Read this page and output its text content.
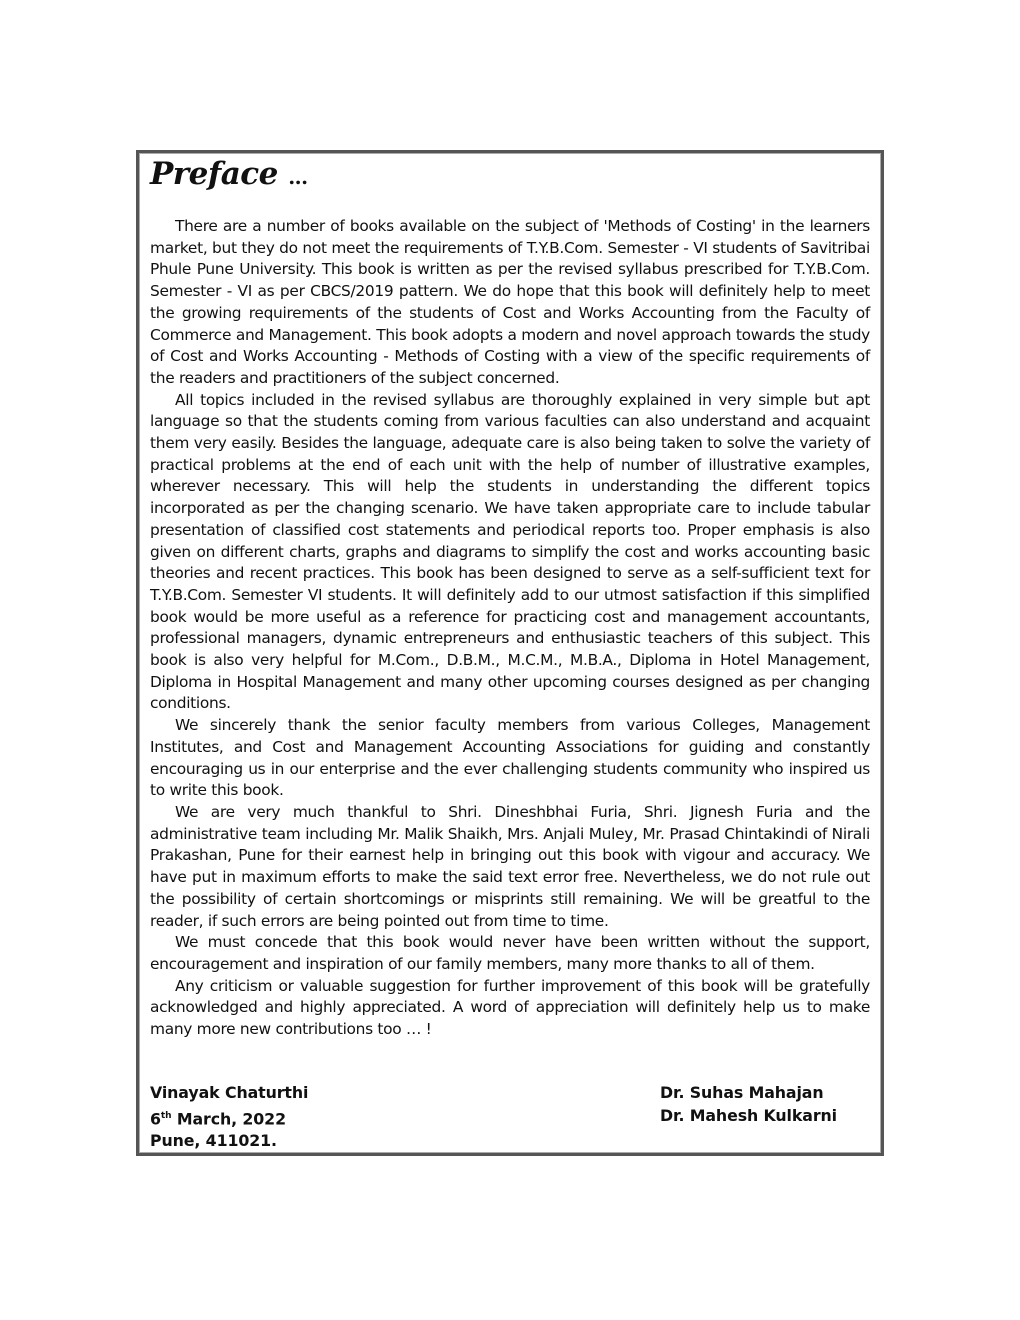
Preface ...

There are a number of books available on the subject of 'Methods of Costing' in the learners market, but they do not meet the requirements of T.Y.B.Com. Semester - VI students of Savitribai Phule Pune University. This book is written as per the revised syllabus prescribed for T.Y.B.Com. Semester - VI as per CBCS/2019 pattern. We do hope that this book will definitely help to meet the growing requirements of the students of Cost and Works Accounting from the Faculty of Commerce and Management. This book adopts a modern and novel approach towards the study of Cost and Works Accounting - Methods of Costing with a view of the specific requirements of the readers and practitioners of the subject concerned.

All topics included in the revised syllabus are thoroughly explained in very simple but apt language so that the students coming from various faculties can also understand and acquaint them very easily. Besides the language, adequate care is also being taken to solve the variety of practical problems at the end of each unit with the help of number of illustrative examples, wherever necessary. This will help the students in understanding the different topics incorporated as per the changing scenario. We have taken appropriate care to include tabular presentation of classified cost statements and periodical reports too. Proper emphasis is also given on different charts, graphs and diagrams to simplify the cost and works accounting basic theories and recent practices. This book has been designed to serve as a self-sufficient text for T.Y.B.Com. Semester VI students. It will definitely add to our utmost satisfaction if this simplified book would be more useful as a reference for practicing cost and management accountants, professional managers, dynamic entrepreneurs and enthusiastic teachers of this subject. This book is also very helpful for M.Com., D.B.M., M.C.M., M.B.A., Diploma in Hotel Management, Diploma in Hospital Management and many other upcoming courses designed as per changing conditions.

We sincerely thank the senior faculty members from various Colleges, Management Institutes, and Cost and Management Accounting Associations for guiding and constantly encouraging us in our enterprise and the ever challenging students community who inspired us to write this book.

We are very much thankful to Shri. Dineshbhai Furia, Shri. Jignesh Furia and the administrative team including Mr. Malik Shaikh, Mrs. Anjali Muley, Mr. Prasad Chintakindi of Nirali Prakashan, Pune for their earnest help in bringing out this book with vigour and accuracy. We have put in maximum efforts to make the said text error free. Nevertheless, we do not rule out the possibility of certain shortcomings or misprints still remaining. We will be greatful to the reader, if such errors are being pointed out from time to time.

We must concede that this book would never have been written without the support, encouragement and inspiration of our family members, many more thanks to all of them.

Any criticism or valuable suggestion for further improvement of this book will be gratefully acknowledged and highly appreciated. A word of appreciation will definitely help us to make many more new contributions too … !

Vinayak Chaturthi
6th March, 2022
Pune, 411021.
Dr. Suhas Mahajan
Dr. Mahesh Kulkarni
